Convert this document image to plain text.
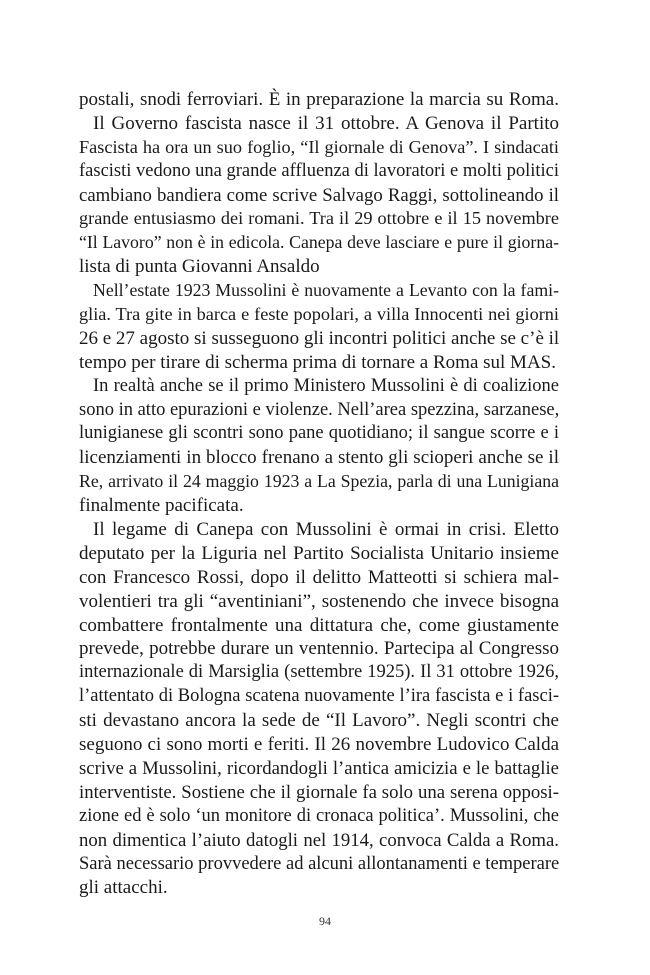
postali, snodi ferroviari. È in preparazione la marcia su Roma.
Il Governo fascista nasce il 31 ottobre. A Genova il Partito
Fascista ha ora un suo foglio, “Il giornale di Genova”. I sindacati
fascisti vedono una grande affluenza di lavoratori e molti politici
cambiano bandiera come scrive Salvago Raggi, sottolineando il
grande entusiasmo dei romani. Tra il 29 ottobre e il 15 novembre
“Il Lavoro” non è in edicola. Canepa deve lasciare e pure il giorna-
lista di punta Giovanni Ansaldo
Nell’estate 1923 Mussolini è nuovamente a Levanto con la fami-
glia. Tra gite in barca e feste popolari, a villa Innocenti nei giorni
26 e 27 agosto si susseguono gli incontri politici anche se c’è il
tempo per tirare di scherma prima di tornare a Roma sul MAS.
In realtà anche se il primo Ministero Mussolini è di coalizione
sono in atto epurazioni e violenze. Nell’area spezzina, sarzanese,
lunigianese gli scontri sono pane quotidiano; il sangue scorre e i
licenziamenti in blocco frenano a stento gli scioperi anche se il
Re, arrivato il 24 maggio 1923 a La Spezia, parla di una Lunigiana
finalmente pacificata.
Il legame di Canepa con Mussolini è ormai in crisi. Eletto
deputato per la Liguria nel Partito Socialista Unitario insieme
con Francesco Rossi, dopo il delitto Matteotti si schiera mal-
volentieri tra gli “aventiniani”, sostenendo che invece bisogna
combattere frontalmente una dittatura che, come giustamente
prevede, potrebbe durare un ventennio. Partecipa al Congresso
internazionale di Marsiglia (settembre 1925). Il 31 ottobre 1926,
l’attentato di Bologna scatena nuovamente l’ira fascista e i fasci-
sti devastano ancora la sede de “Il Lavoro”. Negli scontri che
seguono ci sono morti e feriti. Il 26 novembre Ludovico Calda
scrive a Mussolini, ricordandogli l’antica amicizia e le battaglie
interventiste. Sostiene che il giornale fa solo una serena opposi-
zione ed è solo ‘un monitore di cronaca politica’. Mussolini, che
non dimentica l’aiuto datogli nel 1914, convoca Calda a Roma.
Sarà necessario provvedere ad alcuni allontanamenti e temperare
gli attacchi.
94
